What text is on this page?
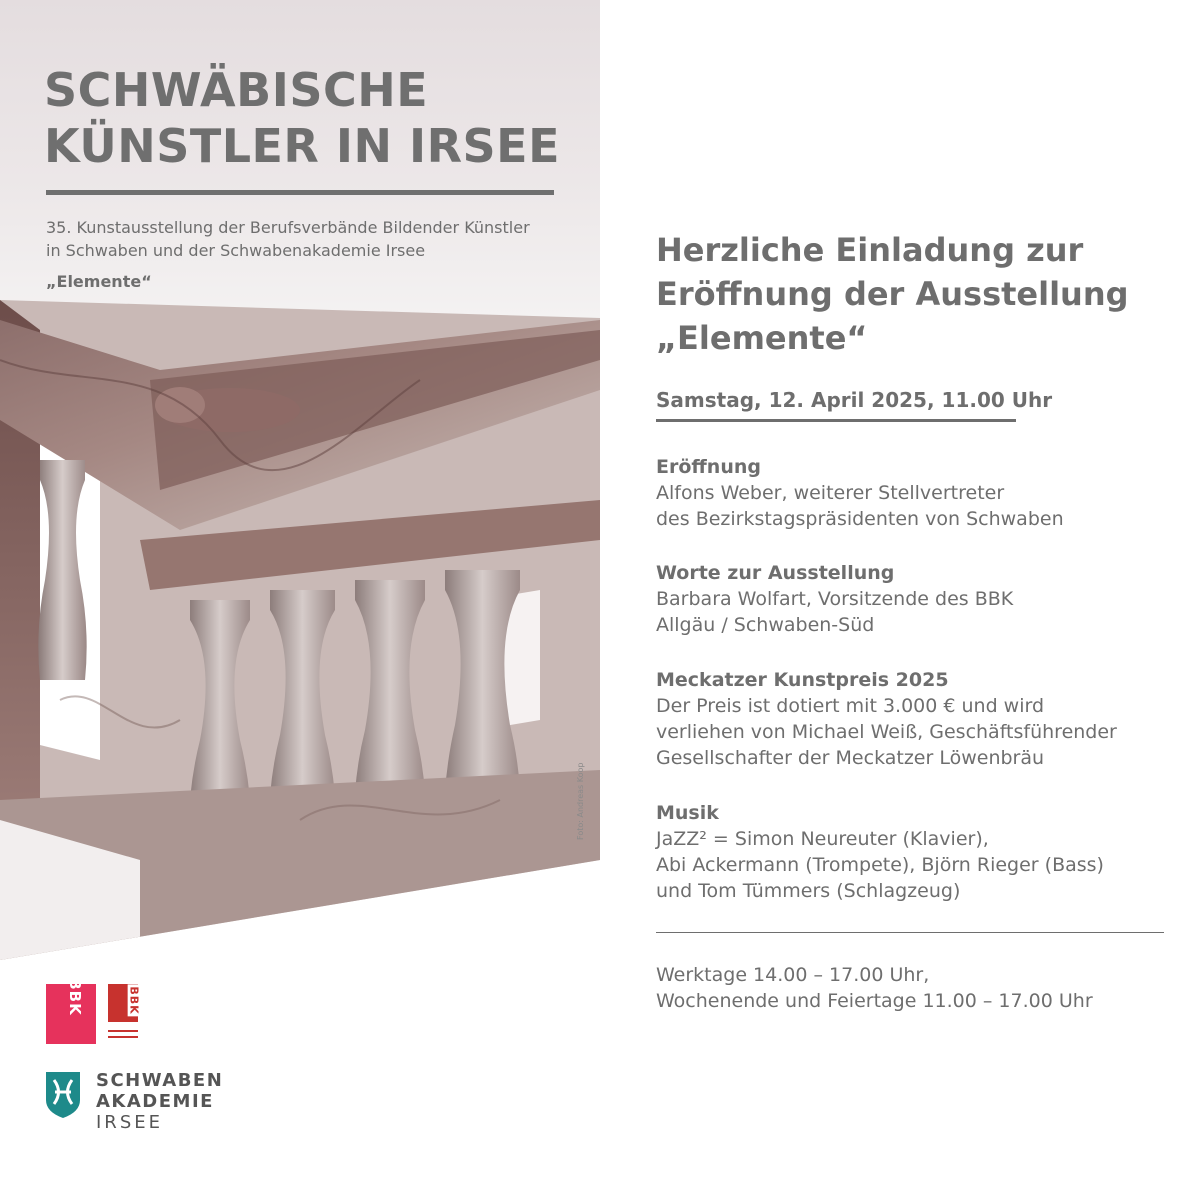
SCHWÄBISCHE
KÜNSTLER IN IRSEE
35. Kunstausstellung der Berufsverbände Bildender Künstler
in Schwaben und der Schwabenakademie Irsee
„Elemente“
Foto: Andreas Koop
BBK	BBK
SCHWABEN
AKADEMIE
IRSEE
Herzliche Einladung zur
Eröffnung der Ausstellung
„Elemente“
Samstag, 12. April 2025, 11.00 Uhr
Eröffnung
Alfons Weber, weiterer Stellvertreter
des Bezirkstagspräsidenten von Schwaben
Worte zur Ausstellung
Barbara Wolfart, Vorsitzende des BBK
Allgäu / Schwaben-Süd
Meckatzer Kunstpreis 2025
Der Preis ist dotiert mit 3.000 € und wird
verliehen von Michael Weiß, Geschäftsführender
Gesellschafter der Meckatzer Löwenbräu
Musik
JaZZ² = Simon Neureuter (Klavier),
Abi Ackermann (Trompete), Björn Rieger (Bass)
und Tom Tümmers (Schlagzeug)
Werktage 14.00 – 17.00 Uhr,
Wochenende und Feiertage 11.00 – 17.00 Uhr
